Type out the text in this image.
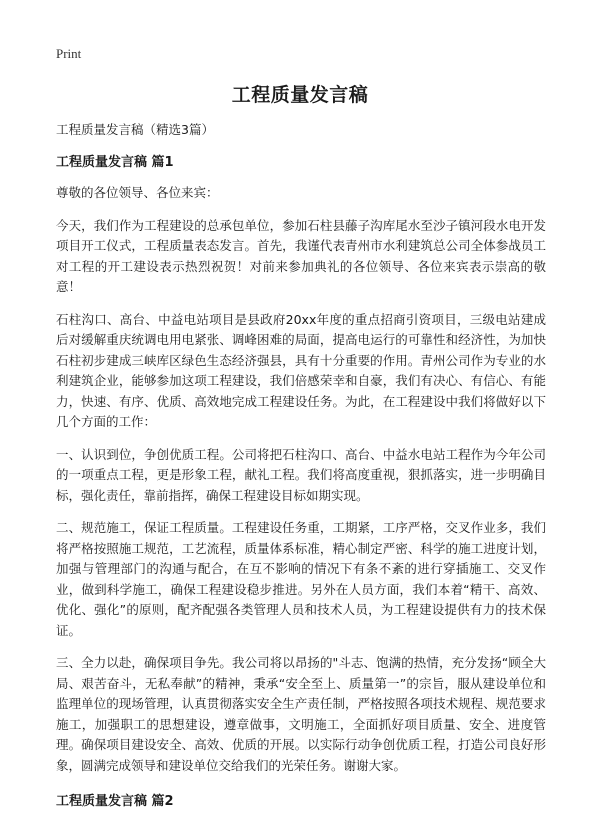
Print
工程质量发言稿

工程质量发言稿（精选3篇）

工程质量发言稿 篇1

尊敬的各位领导、各位来宾：

今天，我们作为工程建设的总承包单位，参加石柱县藤子沟库尾水至沙子镇河段水电开发项目开工仪式，工程质量表态发言。首先，我谨代表青州市水利建筑总公司全体参战员工对工程的开工建设表示热烈祝贺！对前来参加典礼的各位领导、各位来宾表示崇高的敬意！

石柱沟口、高台、中益电站项目是县政府20xx年度的重点招商引资项目，三级电站建成后对缓解重庆统调电用电紧张、调峰困难的局面，提高电运行的可靠性和经济性，为加快石柱初步建成三峡库区绿色生态经济强县，具有十分重要的作用。青州公司作为专业的水利建筑企业，能够参加这项工程建设，我们倍感荣幸和自豪，我们有决心、有信心、有能力，快速、有序、优质、高效地完成工程建设任务。为此，在工程建设中我们将做好以下几个方面的工作：

一、认识到位，争创优质工程。公司将把石柱沟口、高台、中益水电站工程作为今年公司的一项重点工程，更是形象工程，献礼工程。我们将高度重视，狠抓落实，进一步明确目标，强化责任，靠前指挥，确保工程建设目标如期实现。

二、规范施工，保证工程质量。工程建设任务重，工期紧，工序严格，交叉作业多，我们将严格按照施工规范，工艺流程，质量体系标准，精心制定严密、科学的施工进度计划，加强与管理部门的沟通与配合，在互不影响的情况下有条不紊的进行穿插施工、交叉作业，做到科学施工，确保工程建设稳步推进。另外在人员方面，我们本着“精干、高效、优化、强化”的原则，配齐配强各类管理人员和技术人员，为工程建设提供有力的技术保证。

三、全力以赴，确保项目争先。我公司将以昂扬的"斗志、饱满的热情，充分发扬“顾全大局、艰苦奋斗，无私奉献”的精神，秉承“安全至上、质量第一”的宗旨，服从建设单位和监理单位的现场管理，认真贯彻落实安全生产责任制，严格按照各项技术规程、规范要求施工，加强职工的思想建设，遵章做事，文明施工，全面抓好项目质量、安全、进度管理。确保项目建设安全、高效、优质的开展。以实际行动争创优质工程，打造公司良好形象，圆满完成领导和建设单位交给我们的光荣任务。谢谢大家。

工程质量发言稿 篇2
